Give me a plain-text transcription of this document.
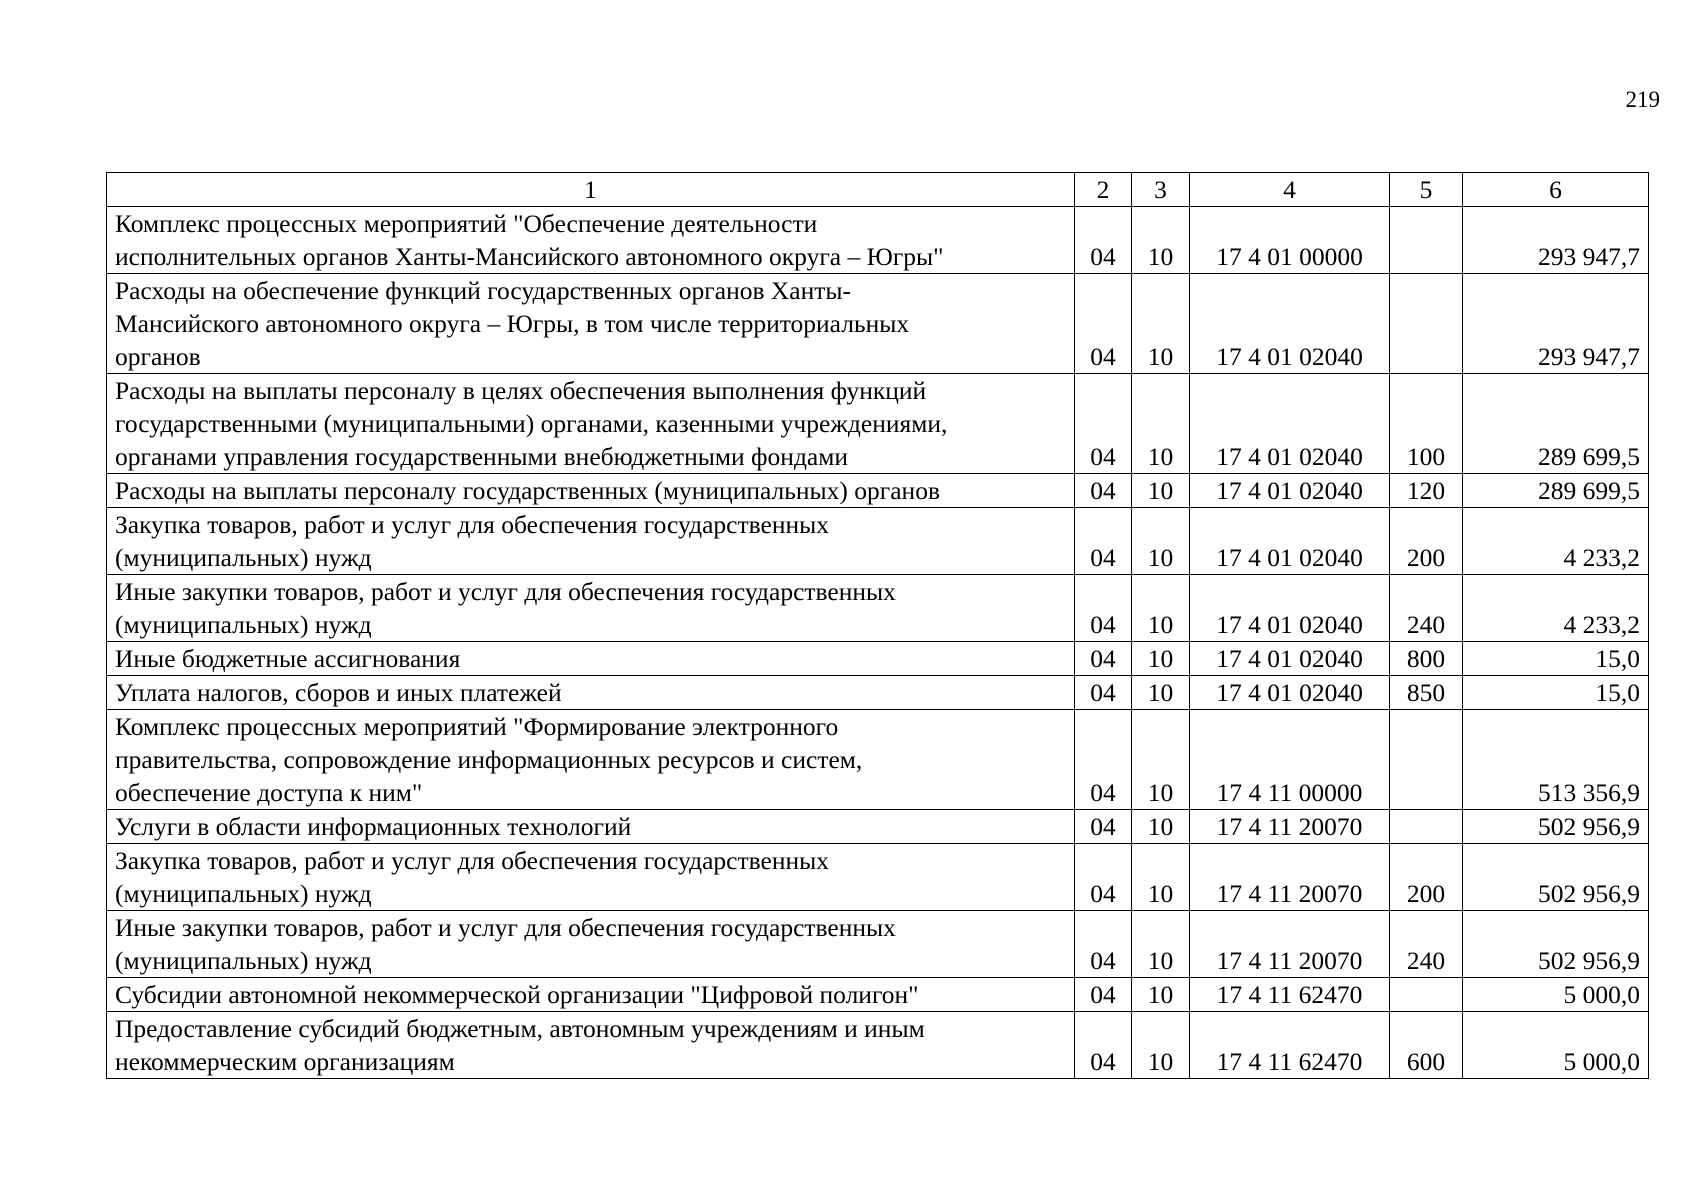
219
1	2	3	4	5	6

Комплекс процессных мероприятий "Обеспечение деятельности
исполнительных органов Ханты-Мансийского автономного округа – Югры"	04	10	17 4 01 00000		293 947,7

Расходы на обеспечение функций государственных органов Ханты-
Мансийского автономного округа – Югры, в том числе территориальных
органов	04	10	17 4 01 02040		293 947,7

Расходы на выплаты персоналу в целях обеспечения выполнения функций
государственными (муниципальными) органами, казенными учреждениями,
органами управления государственными внебюджетными фондами	04	10	17 4 01 02040	100	289 699,5

Расходы на выплаты персоналу государственных (муниципальных) органов	04	10	17 4 01 02040	120	289 699,5

Закупка товаров, работ и услуг для обеспечения государственных
(муниципальных) нужд	04	10	17 4 01 02040	200	4 233,2

Иные закупки товаров, работ и услуг для обеспечения государственных
(муниципальных) нужд	04	10	17 4 01 02040	240	4 233,2

Иные бюджетные ассигнования	04	10	17 4 01 02040	800	15,0

Уплата налогов, сборов и иных платежей	04	10	17 4 01 02040	850	15,0

Комплекс процессных мероприятий "Формирование электронного
правительства, сопровождение информационных ресурсов и систем,
обеспечение доступа к ним"	04	10	17 4 11 00000		513 356,9

Услуги в области информационных технологий	04	10	17 4 11 20070		502 956,9

Закупка товаров, работ и услуг для обеспечения государственных
(муниципальных) нужд	04	10	17 4 11 20070	200	502 956,9

Иные закупки товаров, работ и услуг для обеспечения государственных
(муниципальных) нужд	04	10	17 4 11 20070	240	502 956,9

Субсидии автономной некоммерческой организации "Цифровой полигон"	04	10	17 4 11 62470		5 000,0

Предоставление субсидий бюджетным, автономным учреждениям и иным
некоммерческим организациям	04	10	17 4 11 62470	600	5 000,0
